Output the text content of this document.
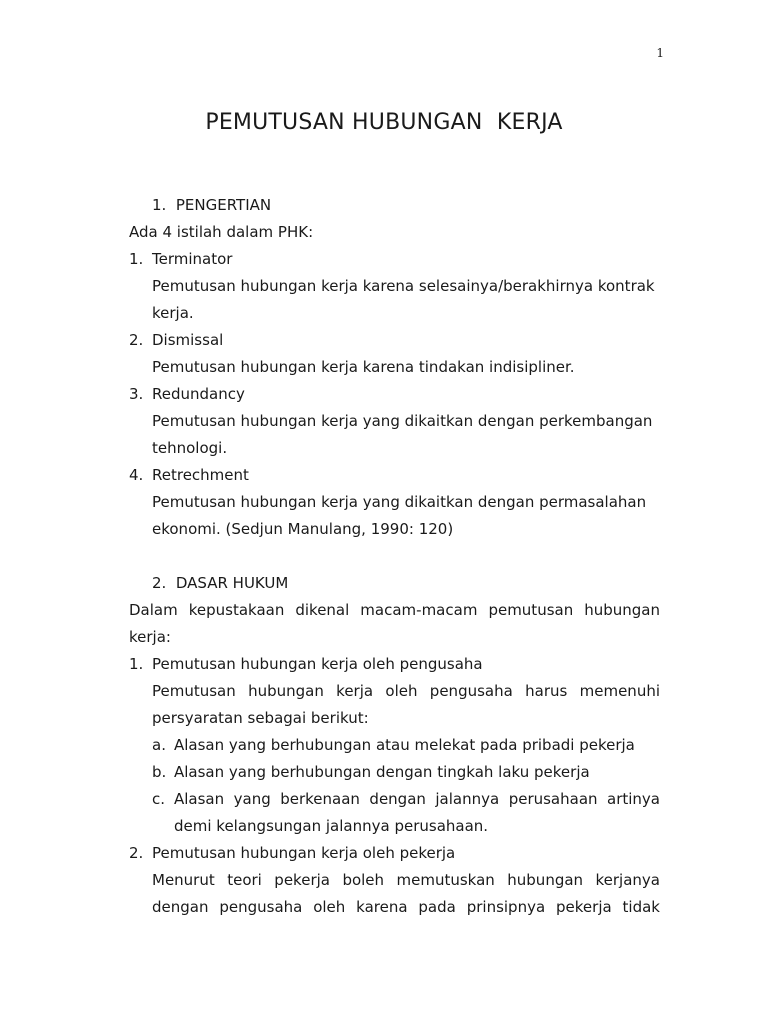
1
PEMUTUSAN HUBUNGAN  KERJA
1. PENGERTIAN
Ada 4 istilah dalam PHK:
1. Terminator
Pemutusan hubungan kerja karena selesainya/berakhirnya kontrak
kerja.
2. Dismissal
Pemutusan hubungan kerja karena tindakan indisipliner.
3. Redundancy
Pemutusan hubungan kerja yang dikaitkan dengan perkembangan
tehnologi.
4. Retrechment
Pemutusan hubungan kerja yang dikaitkan dengan permasalahan
ekonomi. (Sedjun Manulang, 1990: 120)
2. DASAR HUKUM
Dalam kepustakaan dikenal macam-macam pemutusan hubungan
kerja:
1. Pemutusan hubungan kerja oleh pengusaha
Pemutusan hubungan kerja oleh pengusaha harus memenuhi
persyaratan sebagai berikut:
a. Alasan yang berhubungan atau melekat pada pribadi pekerja
b. Alasan yang berhubungan dengan tingkah laku pekerja
c. Alasan yang berkenaan dengan jalannya perusahaan artinya
demi kelangsungan jalannya perusahaan.
2. Pemutusan hubungan kerja oleh pekerja
Menurut teori pekerja boleh memutuskan hubungan kerjanya
dengan pengusaha oleh karena pada prinsipnya pekerja tidak
